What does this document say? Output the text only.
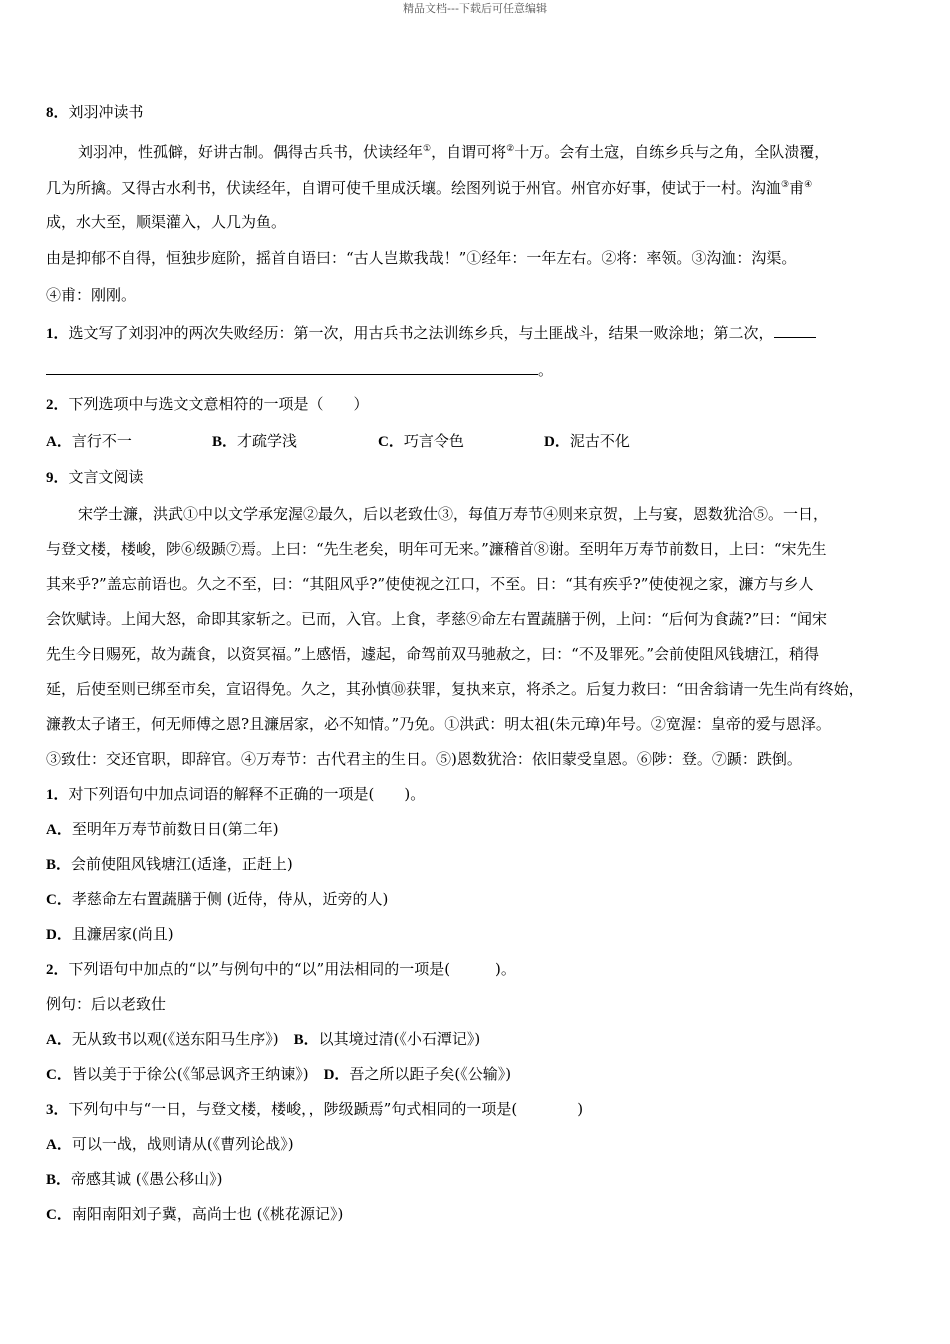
精品文档---下载后可任意编辑
8．刘羽冲读书
刘羽冲，性孤僻，好讲古制。偶得古兵书，伏读经年①，自谓可将②十万。会有土寇，自练乡兵与之角，全队溃覆，
几为所擒。又得古水利书，伏读经年，自谓可使千里成沃壤。绘图列说于州官。州官亦好事，使试于一村。沟洫③甫④
成，水大至，顺渠灌入，人几为鱼。
由是抑郁不自得，恒独步庭阶，摇首自语曰：“古人岂欺我哉！”①经年：一年左右。②将：率领。③沟洫：沟渠。
④甫：刚刚。
1．选文写了刘羽冲的两次失败经历：第一次，用古兵书之法训练乡兵，与土匪战斗，结果一败涂地；第二次，
。
2．下列选项中与选文文意相符的一项是（　　）
A．言行不一	B．才疏学浅	C．巧言令色	D．泥古不化
9．文言文阅读
宋学士濂，洪武①中以文学承宠渥②最久，后以老致仕③，每值万寿节④则来京贺，上与宴，恩数犹洽⑤。一日，
与登文楼，楼峻，陟⑥级踬⑦焉。上曰：“先生老矣，明年可无来。”濂稽首⑧谢。至明年万寿节前数日，上曰：“宋先生
其来乎?”盖忘前语也。久之不至，曰：“其阻风乎?”使使视之江口，不至。日：“其有疾乎?”使使视之家，濂方与乡人
会饮赋诗。上闻大怒，命即其家斩之。已而，入官。上食，孝慈⑨命左右置蔬膳于例，上问：“后何为食蔬?”曰：“闻宋
先生今日赐死，故为蔬食，以资冥福。”上感悟，遽起，命驾前双马驰赦之，曰：“不及罪死。”会前使阻风钱塘江，稍得
延，后使至则已绑至市矣，宣诏得免。久之，其孙慎⑩获罪，复执来京，将杀之。后复力救曰：“田舍翁请一先生尚有终始，
濂教太子诸王，何无师傅之恩?且濂居家，必不知情。”乃免。①洪武：明太祖(朱元璋)年号。②宽渥：皇帝的爱与恩泽。
③致仕：交还官职，即辞官。④万寿节：古代君主的生日。⑤)恩数犹洽：依旧蒙受皇恩。⑥陟：登。⑦踬：跌倒。
1．对下列语句中加点词语的解释不正确的一项是(　　)。
A．至明年万寿节前数日日(第二年)
B．会前使阻风钱塘江(适逢，正赶上)
C．孝慈命左右置蔬膳于侧 (近侍，侍从，近旁的人)
D．且濂居家(尚且)
2．下列语句中加点的“以”与例句中的“以”用法相同的一项是(　　　)。
例句：后以老致仕
A．无从致书以观(《送东阳马生序》)　B．以其境过清(《小石潭记》)
C．皆以美于于徐公(《邹忌讽齐王纳谏》)　D．吾之所以距子矣(《公输》)
3．下列句中与“一日，与登文楼，楼峻，，陟级踬焉”句式相同的一项是(　　　　)
A．可以一战，战则请从(《曹列论战》)
B．帝感其诚 (《愚公移山》)
C．南阳南阳刘子冀，高尚士也 (《桃花源记》)
